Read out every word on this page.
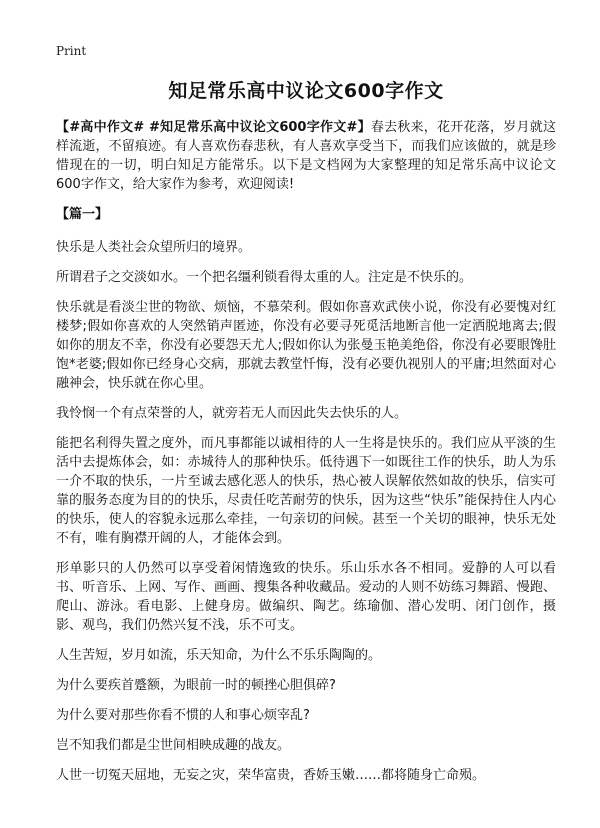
Print
知足常乐高中议论文600字作文

【#高中作文# #知足常乐高中议论文600字作文#】春去秋来，花开花落，岁月就这样流逝，不留痕迹。有人喜欢伤春悲秋，有人喜欢享受当下，而我们应该做的，就是珍惜现在的一切，明白知足方能常乐。以下是文档网为大家整理的知足常乐高中议论文600字作文，给大家作为参考，欢迎阅读!

【篇一】

快乐是人类社会众望所归的境界。

所谓君子之交淡如水。一个把名缰利锁看得太重的人。注定是不快乐的。

快乐就是看淡尘世的物欲、烦恼，不慕荣利。假如你喜欢武侠小说，你没有必要愧对红楼梦;假如你喜欢的人突然销声匿迹，你没有必要寻死觅活地断言他一定洒脱地离去;假如你的朋友不幸，你没有必要怨天尤人;假如你认为张曼玉艳美绝俗，你没有必要眼馋肚饱*老婆;假如你已经身心交病，那就去教堂忏悔，没有必要仇视别人的平庸;坦然面对心融神会，快乐就在你心里。

我怜悯一个有点荣誉的人，就旁若无人而因此失去快乐的人。

能把名利得失置之度外，而凡事都能以诚相待的人一生将是快乐的。我们应从平淡的生活中去提炼体会，如：赤城待人的那种快乐。低待遇下一如既往工作的快乐，助人为乐一介不取的快乐，一片至诚去感化恶人的快乐，热心被人误解依然如故的快乐，信实可靠的服务态度为目的的快乐，尽责任吃苦耐劳的快乐，因为这些“快乐”能保持住人内心的快乐，使人的容貌永远那么牵挂，一句亲切的问候。甚至一个关切的眼神，快乐无处不有，唯有胸襟开阔的人，才能体会到。

形单影只的人仍然可以享受着闲情逸致的快乐。乐山乐水各不相同。爱静的人可以看书、听音乐、上网、写作、画画、搜集各种收藏品。爱动的人则不妨练习舞蹈、慢跑、爬山、游泳。看电影、上健身房。做编织、陶艺。练瑜伽、潜心发明、闭门创作，摄影、观鸟，我们仍然兴复不浅，乐不可支。

人生苦短，岁月如流，乐天知命，为什么不乐乐陶陶的。

为什么要疾首蹙额，为眼前一时的顿挫心胆俱碎?

为什么要对那些你看不惯的人和事心烦宰乱?

岂不知我们都是尘世间相映成趣的战友。

人世一切冤天屈地，无妄之灾，荣华富贵，香娇玉嫩……都将随身亡命殒。
